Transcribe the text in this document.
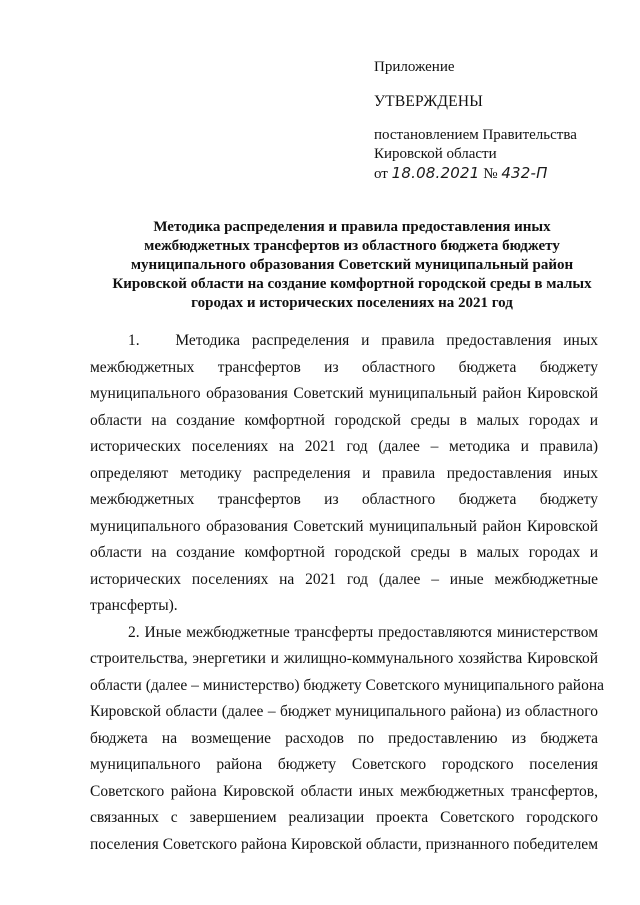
Приложение
УТВЕРЖДЕНЫ
постановлением Правительства
Кировской области
от 18.08.2021 № 432-П
Методика распределения и правила предоставления иных
межбюджетных трансфертов из областного бюджета бюджету
муниципального образования Советский муниципальный район
Кировской области на создание комфортной городской среды в малых
городах и исторических поселениях на 2021 год
1.   Методика распределения и правила предоставления иных
межбюджетных трансфертов из областного бюджета бюджету
муниципального образования Советский муниципальный район Кировской
области на создание комфортной городской среды в малых городах и
исторических поселениях на 2021 год (далее – методика и правила)
определяют методику распределения и правила предоставления иных
межбюджетных трансфертов из областного бюджета бюджету
муниципального образования Советский муниципальный район Кировской
области на создание комфортной городской среды в малых городах и
исторических поселениях на 2021 год (далее – иные межбюджетные
трансферты).
2. Иные межбюджетные трансферты предоставляются министерством
строительства, энергетики и жилищно-коммунального хозяйства Кировской
области (далее – министерство) бюджету Советского муниципального района
Кировской области (далее – бюджет муниципального района) из областного
бюджета на возмещение расходов по предоставлению из бюджета
муниципального района бюджету Советского городского поселения
Советского района Кировской области иных межбюджетных трансфертов,
связанных с завершением реализации проекта Советского городского
поселения Советского района Кировской области, признанного победителем
